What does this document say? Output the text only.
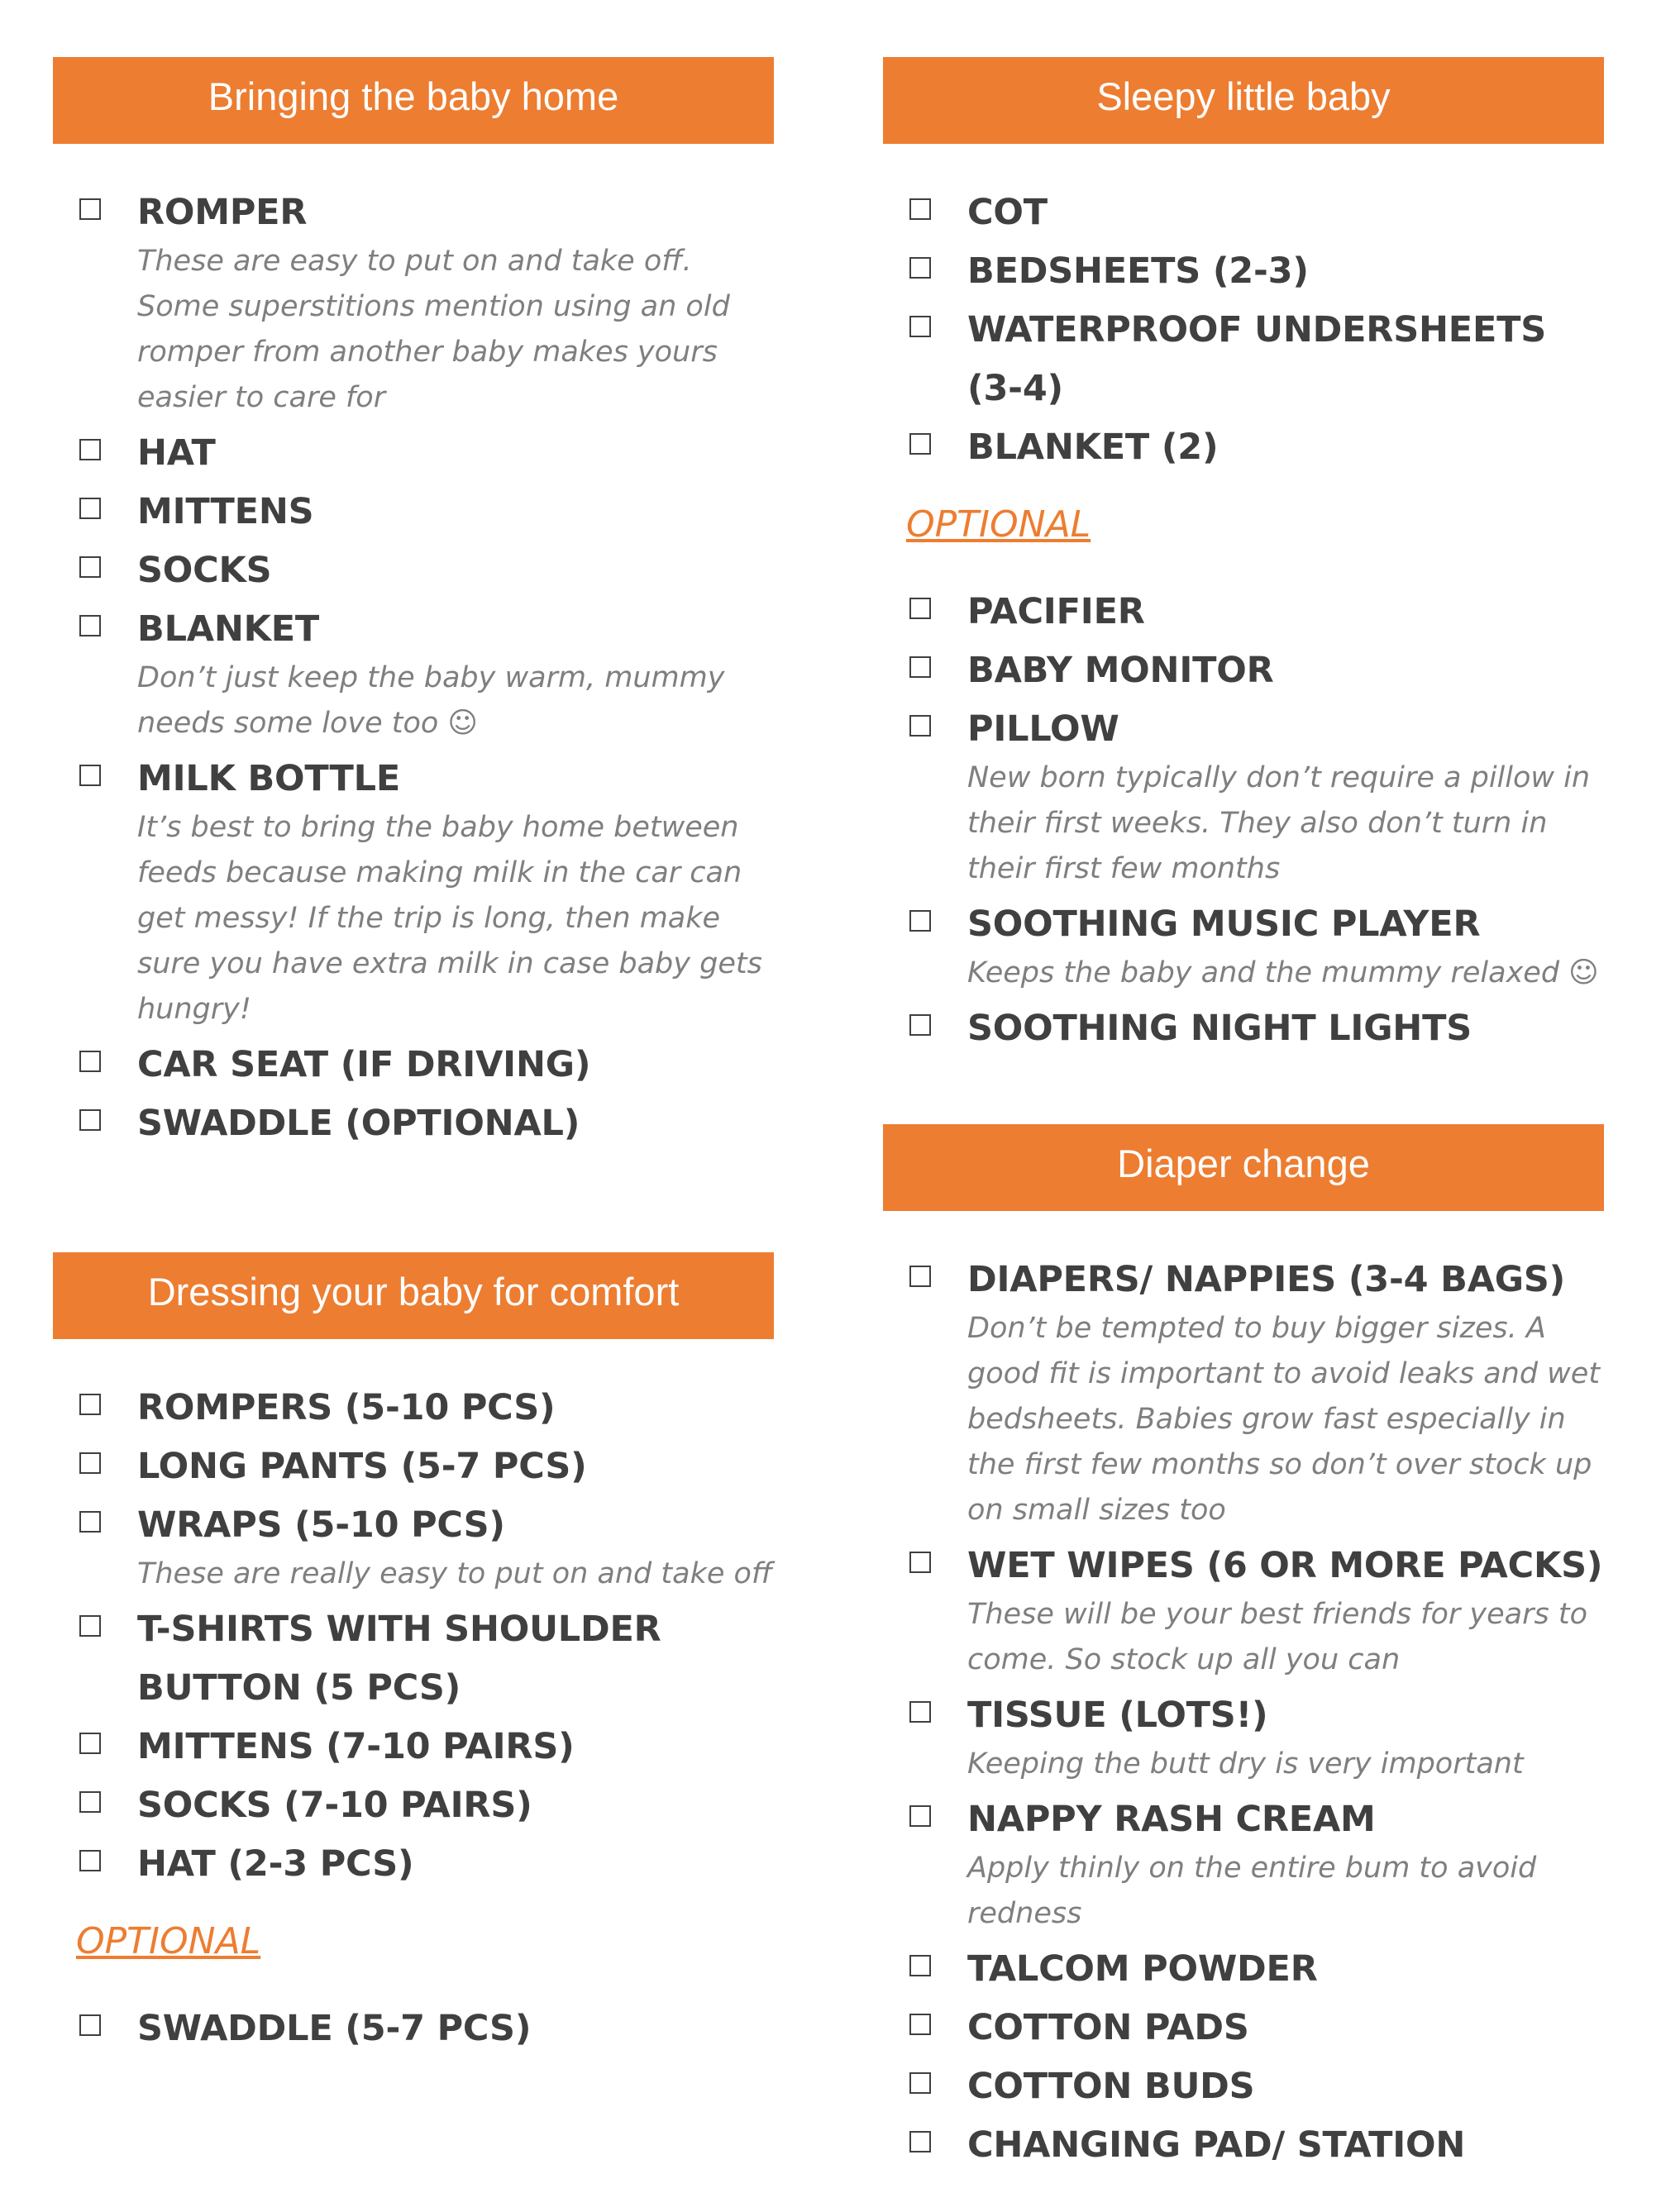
Bringing the baby home
ROMPER
These are easy to put on and take off. Some superstitions mention using an old romper from another baby makes yours easier to care for
HAT
MITTENS
SOCKS
BLANKET
Don’t just keep the baby warm, mummy needs some love too ☺
MILK BOTTLE
It’s best to bring the baby home between feeds because making milk in the car can get messy! If the trip is long, then make sure you have extra milk in case baby gets hungry!
CAR SEAT (IF DRIVING)
SWADDLE (OPTIONAL)
Dressing your baby for comfort
ROMPERS (5-10 PCS)
LONG PANTS (5-7 PCS)
WRAPS (5-10 PCS)
These are really easy to put on and take off
T-SHIRTS WITH SHOULDER BUTTON (5 PCS)
MITTENS (7-10 PAIRS)
SOCKS (7-10 PAIRS)
HAT (2-3 PCS)
OPTIONAL
SWADDLE (5-7 PCS)
Sleepy little baby
COT
BEDSHEETS (2-3)
WATERPROOF UNDERSHEETS (3-4)
BLANKET (2)
OPTIONAL
PACIFIER
BABY MONITOR
PILLOW
New born typically don’t require a pillow in their first weeks. They also don’t turn in their first few months
SOOTHING MUSIC PLAYER
Keeps the baby and the mummy relaxed ☺
SOOTHING NIGHT LIGHTS
Diaper change
DIAPERS/ NAPPIES (3-4 BAGS)
Don’t be tempted to buy bigger sizes. A good fit is important to avoid leaks and wet bedsheets. Babies grow fast especially in the first few months so don’t over stock up on small sizes too
WET WIPES (6 OR MORE PACKS)
These will be your best friends for years to come. So stock up all you can
TISSUE (LOTS!)
Keeping the butt dry is very important
NAPPY RASH CREAM
Apply thinly on the entire bum to avoid redness
TALCOM POWDER
COTTON PADS
COTTON BUDS
CHANGING PAD/ STATION
